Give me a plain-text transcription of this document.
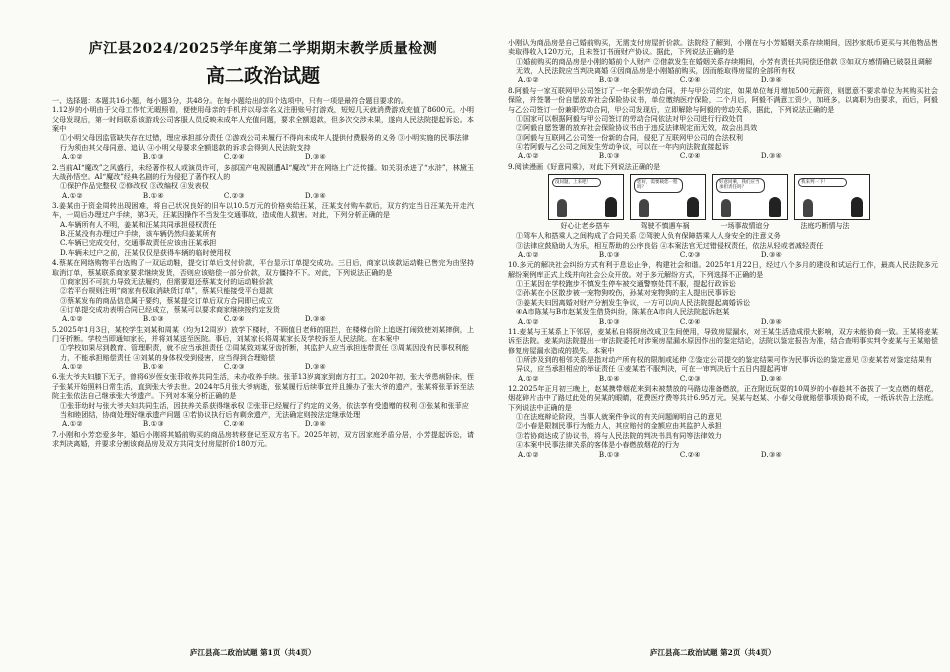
庐江县2024/2025学年度第二学期期末教学质量检测
高二政治试题

一、选择题：本题共16小题，每小题3分，共48分。在每小题给出的四个选项中，只有一项是最符合题目要求的。

1.12岁的小明由于父母工作忙无暇照看，便使用母亲的手机并以母亲名义注册账号打游戏，短短几天就消费游戏充值了8600元。小明父母发现后，第一时间联系该游戏公司客服人员反映未成年人充值问题，要求全额退款，但多次交涉未果，遂向人民法院提起诉讼。本案中
①小明父母因监管缺失存在过错，理应承担部分责任 ②游戏公司未履行不得向未成年人提供付费服务的义务 ③小明实施的民事法律行为须由其父母同意、追认 ④小明父母要求全额退款的诉求会得到人民法院支持
A.①②	B.①③	C.②④	D.③④
2.当前AI“魔改”之风盛行，未经著作权人或演员许可，多部国产电视剧遭AI“魔改”并在网络上广泛传播。如关羽杀进了“水浒”，林黛玉大战孙悟空。AI“魔改”经典名剧的行为侵犯了著作权人的
①保护作品完整权 ②修改权 ③改编权 ④发表权
A.①②	B.①④	C.②③	D.③④
3.姜某由于资金周转出现困难，将自己状况良好的旧车以10.5万元的价格卖给汪某，汪某支付购车款后，双方约定当日汪某先开走汽车，一周后办理过户手续，第3天，汪某因操作不当发生交通事故，造成他人损害。对此，下列分析正确的是
A.车辆所有人不明，姜某和汪某共同承担侵权责任
B.汪某没有办理过户手续，该车辆仍然归姜某所有
C.车辆已完成交付，交通事故责任应该由汪某承担
D.车辆未过户之前，汪某仅仅是获得车辆的临时使用权
4.蔡某在网络购物平台选购了一双运动鞋，提交订单后支付价款，平台显示订单提交成功。三日后，商家以该款运动鞋已售完为由坚持取消订单，蔡某联系商家要求继续发货，否则应该赔偿一部分价款，双方僵持不下。对此，下列说法正确的是
①商家因不可抗力导致无法履约，但需要退还蔡某支付的运动鞋价款
②若平台规则注明“商家有权取消缺货订单”，蔡某只能接受平台退款
③蔡某发布的商品信息属于要约，蔡某提交订单后双方合同即已成立
④订单提交成功表明合同已经成立，蔡某可以要求商家继续按约定发货
A.①②	B.①③	C.②④	D.③④
5.2025年1月3日，某校学生刘某和周某（均为12周岁）放学下楼时，不顾值日老师的阻拦，在楼梯台阶上追逐打闹致使刘某摔倒，上门牙折断。学校当即通知家长，并将刘某送至医院。事后，刘某家长将周某家长及学校诉至人民法院。在本案中
①学校如果尽到教育、管理职责，就不应当承担责任 ②周某致刘某牙齿折断，其监护人应当承担连带责任 ③周某因没有民事权利能力，不能承担赔偿责任 ④刘某的身体权受到侵害，应当得到合理赔偿
A.①②	B.①④	C.②③	D.③④
6.张大爷夫妇膝下无子，曾将6岁侄女张菲收养共同生活，未办收养手续。张菲13岁离家到南方打工。2020年初，张大爷患病卧床，侄子张某开始照料日常生活，直到张大爷去世。2024年5月张大爷病逝，张某履行后续事宜并且操办了张大爷的遗产，张某将张菲诉至法院主张依法自己继承张大爷遗产。下列对本案分析正确的是
①张菲幼时与张大爷夫妇共同生活，因扶养关系获得继承权 ②张菲已经履行了约定的义务，依法享有受遗赠的权利 ③张某和张菲应当和睦团结，协商处理好继承遗产问题 ④若协议执行后有剩余遗产，无法确定则按法定继承处理
A.①②	B.①③	C.②④	D.③④
7.小刚和小芳恋爱多年，婚后小刚将其婚前购买的商品房转移登记至双方名下。2025年初，双方因家庭矛盾分居，小芳提起诉讼，请求判决离婚，并要求分割该商品房及双方共同支付房屋折价180万元。
小刚认为商品房是自己婚前购买，无需支付房屋折价款。法院经了解到，小刚在与小芳婚姻关系存续期间，因抄家纸币更买与其他物品售卖取得收入120万元，且未签订书面财产协议。据此，下列说法正确的是
①婚前购买的商品房是小刚的婚前个人财产 ②借款发生在婚姻关系存续期间，小芳有责任共同偿还借款 ③如双方感情确已破裂且调解无效，人民法院应当判决离婚 ④因商品房是小刚婚前购买，因而能取得房屋的全部所有权
A.①②	B.①③	C.②④	D.③④
8.阿毅与一家互联网甲公司签订了一年全职劳动合同，并与甲公司约定，如果单位每月增加500元薪资，则愿意不要求单位为其购买社会保险，并签署一份自愿放弃社会保险协议书，单位缴纳医疗保险，二个月后，阿毅不满意工资少，加班多，以离职为由要求，而后，阿毅与乙公司签订一份兼职劳动合同，甲公司发现后，立即解除与阿毅的劳动关系，据此，下列说法正确的是
①国家可以根据阿毅与甲公司签订的劳动合同依法对甲公司进行行政处罚
②阿毅自愿签署的放弃社会保险协议书由于违反法律规定而无效，故会出具效
③阿毅与互联网乙公司签一份新的合同，侵犯了互联网甲公司的合法权利
④若阿毅与乙公司之间发生劳动争议，可以在一年内向法院直接起诉
A.①②	B.①③	C.②④	D.③④
9.阅读漫画《好意同乘》，对此下列说法正确的是
没问题，上来吧！	您好，需要载您一程吗？
好意同乘，我们应当承担责任吗？
我来判一下！
好心让老乡搭车	驾驶不慎遇车祸	一场事故情谊分	法庭巧断情与法
①驾车人和搭乘人之间构成了合同关系 ②驾驶人负有保障搭乘人人身安全的注意义务
③法律应鼓励助人为乐，相互帮助的公序良俗 ④本案法官无过错侵权责任，依法从轻或者减轻责任
A.①②	B.①③	C.②③	D.③④
10.多元的解决社会纠纷方式有利于息讼止争，构建社会和谐。2025年1月22日，经过八个多月的建设和试运行工作，最高人民法院多元解纷案例库正式上线并向社会公众开放。对于多元解纷方式，下列选择不正确的是
①王某因在学校跑步不慎发生停车被交通警察处罚不服，提起行政诉讼
②孙某在小区散步被一宠物狗咬伤，孙某对宠物狗的主人提出民事诉讼
③姜某夫妇因离婚对财产分割发生争议，一方可以向人民法院提起离婚诉讼
④A市陈某与B市赵某发生借贷纠纷，陈某在A市向人民法院起诉赵某
A.①②	B.①③	C.②④	D.③④
11.麦某与王某系上下邻居，麦某私自将厨房改成卫生间使用，导致房屋漏水，对王某生活造成很大影响，双方未能协商一致。王某将麦某诉至法院。麦某向法院提出一审法院委托对涉案房屋漏水原因作出的鉴定结论，法院以鉴定报告为准，结合查明事实判令麦某与王某赔偿修复房屋漏水造成的损失。本案中
①所涉及到的相邻关系是指对动产所有权的限制或延伸 ②鉴定公司提交的鉴定结果可作为民事诉讼的鉴定意见 ③麦某若对鉴定结果有异议，应当承担相应的举证责任 ④麦某若不服判决，可在一审判决后十五日内提起再审
A.①②	B.①④	C.②③	D.③④
12.2025年正月初三晚上，赵某携带烟花来到未被禁放的马路边准备燃放，正在附近玩耍的10周岁的小春趁其不备拔了一支点燃的烟花，烟花碎片击中了路过此处的吴某的眼睛，花费医疗费等共计6.95万元。吴某与赵某、小春父母就赔偿事项协商不成，一纸诉状告上法庭。下列说法中正确的是
①在法庭辩论阶段，当事人就案件争议的有关问题阐明自己的意见
②小春是限制民事行为能力人，其应赔付的金额应由其监护人承担
③若协商达成了协议书，将与人民法院的判决书具有同等法律效力
④本案中民事法律关系的客体是小春燃放烟花的行为
A.①②	B.①③	C.②④	D.③④
庐江县高二政治试题 第1页（共4页）	庐江县高二政治试题 第2页（共4页）
